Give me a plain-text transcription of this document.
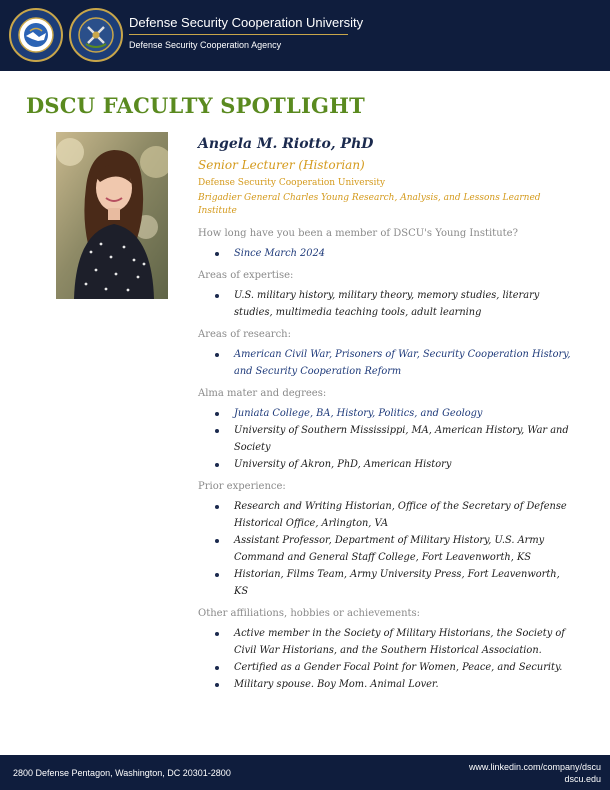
Defense Security Cooperation University
Defense Security Cooperation Agency
DSCU FACULTY SPOTLIGHT
Angela M. Riotto, PhD
Senior Lecturer (Historian)
Defense Security Cooperation University
Brigadier General Charles Young Research, Analysis, and Lessons Learned Institute
How long have you been a member of DSCU's Young Institute?
Since March 2024
Areas of expertise:
U.S. military history, military theory, memory studies, literary studies, multimedia teaching tools, adult learning
Areas of research:
American Civil War, Prisoners of War, Security Cooperation History, and Security Cooperation Reform
Alma mater and degrees:
Juniata College, BA, History, Politics, and Geology
University of Southern Mississippi, MA, American History, War and Society
University of Akron, PhD, American History
Prior experience:
Research and Writing Historian, Office of the Secretary of Defense Historical Office, Arlington, VA
Assistant Professor, Department of Military History, U.S. Army Command and General Staff College, Fort Leavenworth, KS
Historian, Films Team, Army University Press, Fort Leavenworth, KS
Other affiliations, hobbies or achievements:
Active member in the Society of Military Historians, the Society of Civil War Historians, and the Southern Historical Association.
Certified as a Gender Focal Point for Women, Peace, and Security.
Military spouse. Boy Mom. Animal Lover.
2800 Defense Pentagon, Washington, DC 20301-2800
www.linkedin.com/company/dscu
dscu.edu
